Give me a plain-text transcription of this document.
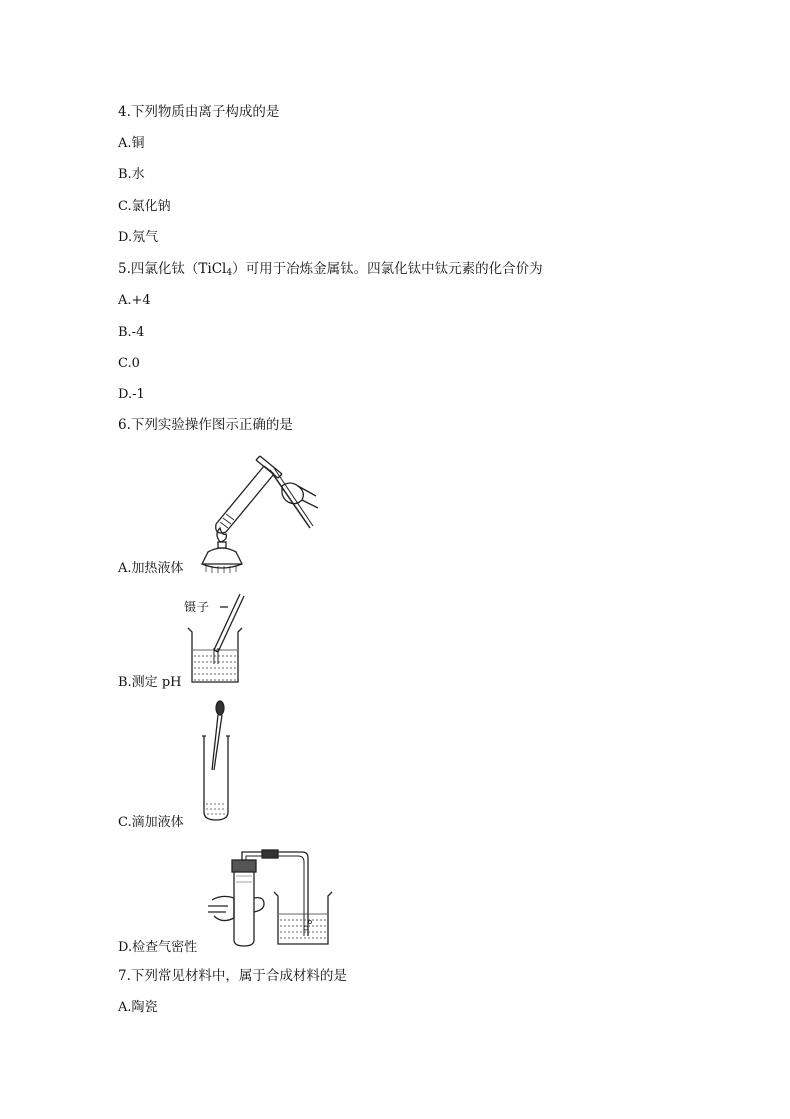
4.下列物质由离子构成的是
A.铜
B.水
C.氯化钠
D.氖气
5.四氯化钛（TiCl$_4$）可用于冶炼金属钛。四氯化钛中钛元素的化合价为
A.+4
B.-4
C.0
D.-1
6.下列实验操作图示正确的是
A.加热液体
镊子
B.测定 pH
C.滴加液体
D.检查气密性
7.下列常见材料中，属于合成材料的是
A.陶瓷
